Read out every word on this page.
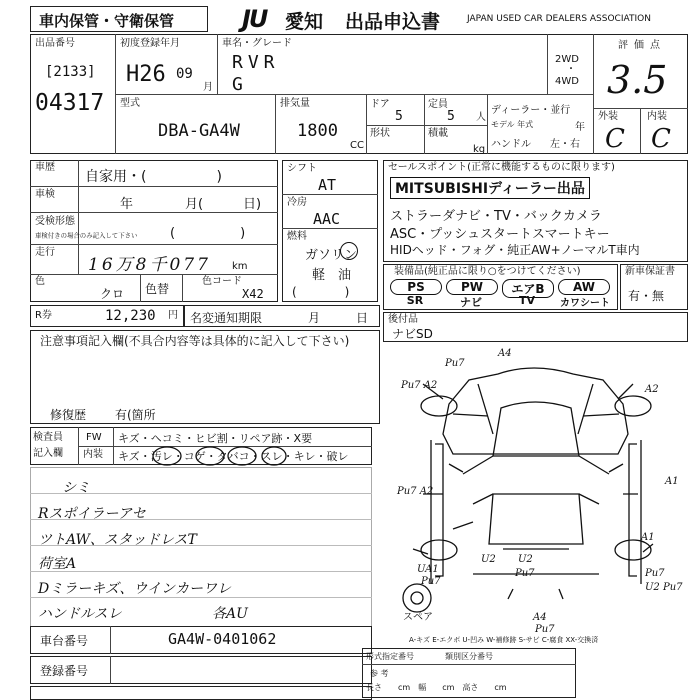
車内保管・守衛保管	JU 愛知 出品申込書	JAPAN USED CAR DEALERS ASSOCIATION
出品番号
[2133]
04317
初度登録年月
H26 09
月
車名・グレード
RVR
G
2WD
・
4WD
評価点
3.5
外装	内装
C C
型式
DBA-GA4W
排気量
1800
CC
ドア
5
定員
5 人
形状	積載
kg
ディーラー・並行
モデル 年式	年
ハンドル 左・右
車歴
自家用・(　　　　　)
車検
年	月(	日)
受検形態
車検付きの場合のみ記入して下さい	(　　　　　)
走行
16万8千077 km
色
クロ 色替
色コード
X42
R券	12,230 円 名変通知期限	月	日
シフト
AT
冷房
AAC
燃料
ガソリン
軽　油
(　　　　)
セールスポイント(正常に機能するものに限ります)
MITSUBISHIディーラー出品
ストラーダナビ・TV・バックカメラ
ASC・プッシュスタートスマートキー
HIDヘッド・フォグ・純正AW+ノーマルT車内
装備品(純正品に限り○をつけてください)
PS	PW	エアB	AW
SR	ナビ	TV	カワシート
新車保証書
有・無
後付品
ナビSD
注意事項記入欄(不具合内容等は具体的に記入して下さい)
修復歴 有(箇所
検査員
記入欄
FW キズ・ヘコミ・ヒビ割・リペア跡・X要
内装 キズ・汚レ・コゲ・タバコ・スレ・キレ・破レ
シミ
Rスポイラーアセ
ツトAW、スタッドレスT
荷室A
Dミラーキズ、ウインカーワレ
ハンドルスレ	各AU
車台番号	GA4W-0401062
登録番号
Pu7
A4
Pu7 A2	A2
A1
Pu7 A2
A1
U2
Pu7
U2
UA1
Pu7
Pu7
A4
Pu7
U2 Pu7
スペア
A-キズ E-エクボ U-凹み W-補修跡 S-サビ C-腐食 XX-交換済
形式指定番号	類別区分番号
参 考
長さ　　cm　幅　　cm　高さ　　cm
